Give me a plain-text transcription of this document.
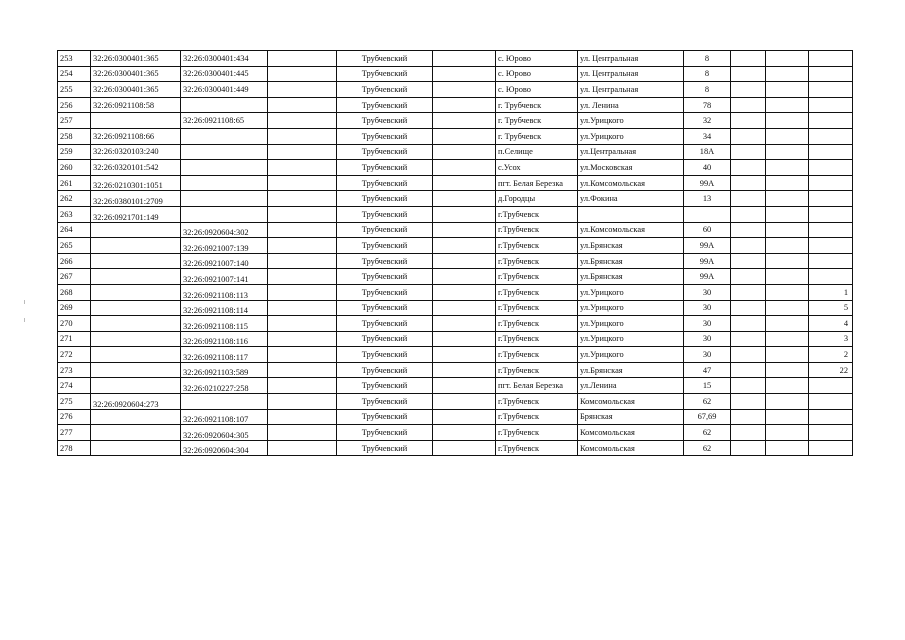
253	32:26:0300401:365	32:26:0300401:434		Трубчевский		с. Юрово	ул. Центральная	8			
254	32:26:0300401:365	32:26:0300401:445		Трубчевский		с. Юрово	ул. Центральная	8			
255	32:26:0300401:365	32:26:0300401:449		Трубчевский		с. Юрово	ул. Центральная	8			
256	32:26:0921108:58			Трубчевский		г. Трубчевск	ул. Ленина	78			
257		32:26:0921108:65		Трубчевский		г. Трубчевск	ул.Урицкого	32			
258	32:26:0921108:66			Трубчевский		г. Трубчевск	ул.Урицкого	34			
259	32:26:0320103:240			Трубчевский		п.Селище	ул.Центральная	18А			
260	32:26:0320101:542			Трубчевский		с.Усох	ул.Московская	40			
261	32:26:0210301:1051			Трубчевский		пгт. Белая Березка	ул.Комсомольская	99А			
262	32:26:0380101:2709			Трубчевский		д.Городцы	ул.Фокина	13			
263	32:26:0921701:149			Трубчевский		г.Трубчевск					
264		32:26:0920604:302		Трубчевский		г.Трубчевск	ул.Комсомольская	60			
265		32:26:0921007:139		Трубчевский		г.Трубчевск	ул.Брянская	99А			
266		32:26:0921007:140		Трубчевский		г.Трубчевск	ул.Брянская	99А			
267		32:26:0921007:141		Трубчевский		г.Трубчевск	ул.Брянская	99А			
268		32:26:0921108:113		Трубчевский		г.Трубчевск	ул.Урицкого	30			1
269		32:26:0921108:114		Трубчевский		г.Трубчевск	ул.Урицкого	30			5
270		32:26:0921108:115		Трубчевский		г.Трубчевск	ул.Урицкого	30			4
271		32:26:0921108:116		Трубчевский		г.Трубчевск	ул.Урицкого	30			3
272		32:26:0921108:117		Трубчевский		г.Трубчевск	ул.Урицкого	30			2
273		32:26:0921103:589		Трубчевский		г.Трубчевск	ул.Брянская	47			22
274		32:26:0210227:258		Трубчевский		пгт. Белая Березка	ул.Ленина	15			
275	32:26:0920604:273			Трубчевский		г.Трубчевск	Комсомольская	62			
276		32:26:0921108:107		Трубчевский		г.Трубчевск	Брянская	67,69			
277		32:26:0920604:305		Трубчевский		г.Трубчевск	Комсомольская	62			
278		32:26:0920604:304		Трубчевский		г.Трубчевск	Комсомольская	62			
